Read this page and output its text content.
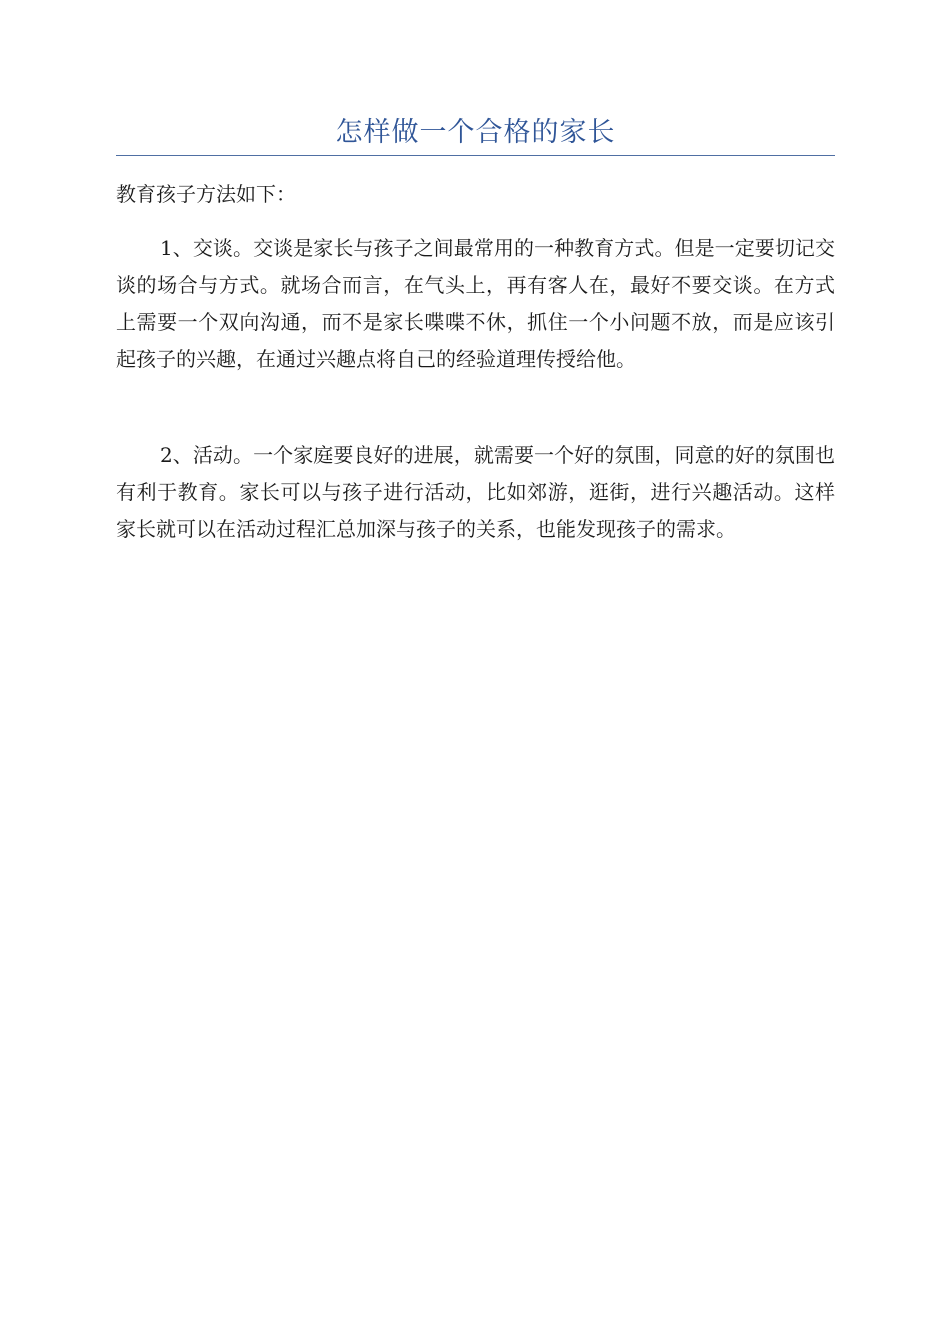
怎样做一个合格的家长

教育孩子方法如下：

1、交谈。交谈是家长与孩子之间最常用的一种教育方式。但是一定要切记交谈的场合与方式。就场合而言，在气头上，再有客人在，最好不要交谈。在方式上需要一个双向沟通，而不是家长喋喋不休，抓住一个小问题不放，而是应该引起孩子的兴趣，在通过兴趣点将自己的经验道理传授给他。

2、活动。一个家庭要良好的进展，就需要一个好的氛围，同意的好的氛围也有利于教育。家长可以与孩子进行活动，比如郊游，逛街，进行兴趣活动。这样家长就可以在活动过程汇总加深与孩子的关系，也能发现孩子的需求。
